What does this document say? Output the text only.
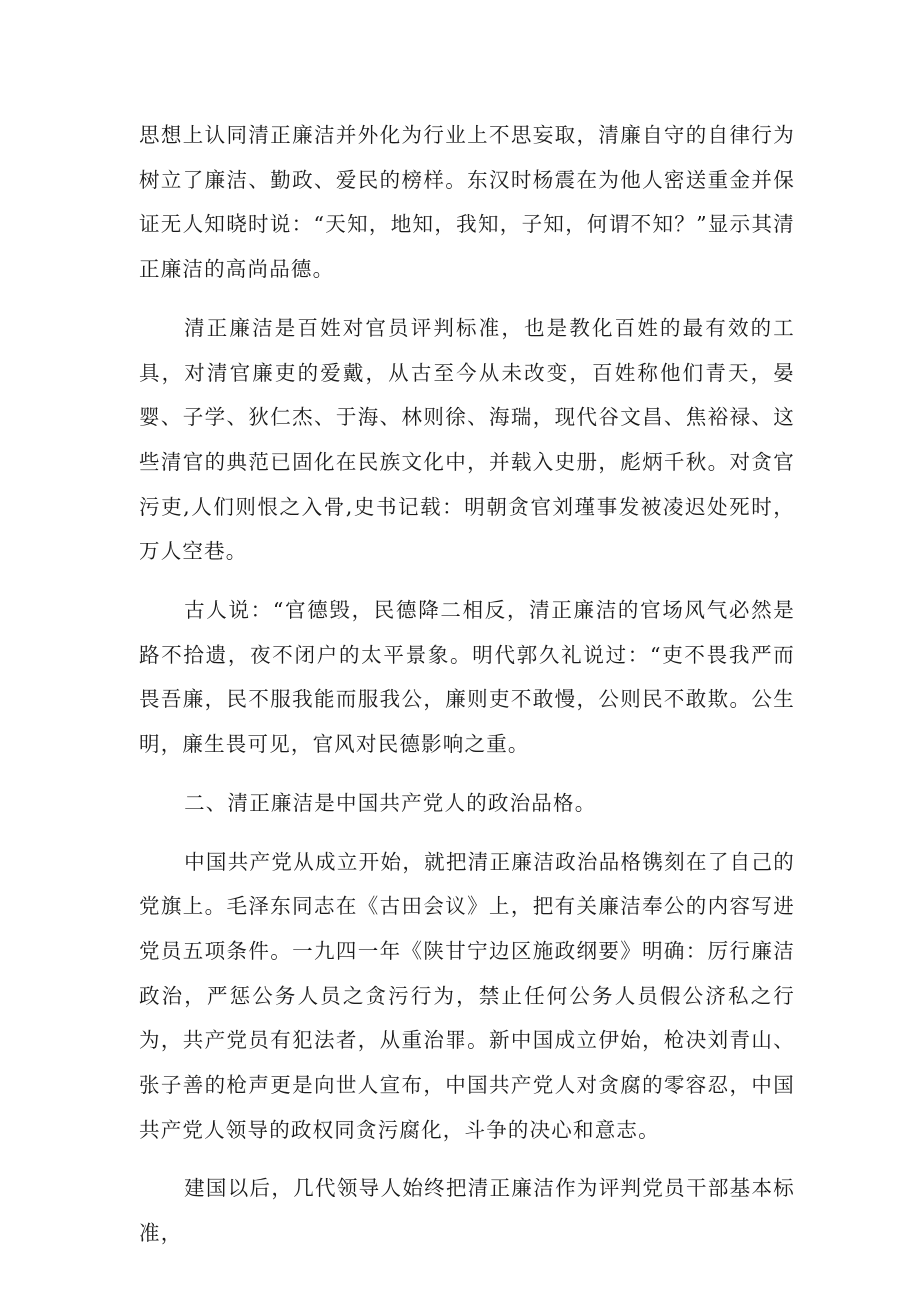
思想上认同清正廉洁并外化为行业上不思妄取，清廉自守的自律行为树立了廉洁、勤政、爱民的榜样。东汉时杨震在为他人密送重金并保证无人知晓时说：“天知，地知，我知，子知，何谓不知？”显示其清正廉洁的高尚品德。

清正廉洁是百姓对官员评判标准，也是教化百姓的最有效的工具，对清官廉吏的爱戴，从古至今从未改变，百姓称他们青天，晏婴、子学、狄仁杰、于海、林则徐、海瑞，现代谷文昌、焦裕禄、这些清官的典范已固化在民族文化中，并载入史册，彪炳千秋。对贪官污吏,人们则恨之入骨,史书记载：明朝贪官刘瑾事发被凌迟处死时，万人空巷。

古人说：“官德毁，民德降二相反，清正廉洁的官场风气必然是路不拾遗，夜不闭户的太平景象。明代郭久礼说过：“吏不畏我严而畏吾廉，民不服我能而服我公，廉则吏不敢慢，公则民不敢欺。公生明，廉生畏可见，官风对民德影响之重。

二、清正廉洁是中国共产党人的政治品格。

中国共产党从成立开始，就把清正廉洁政治品格镌刻在了自己的党旗上。毛泽东同志在《古田会议》上，把有关廉洁奉公的内容写进党员五项条件。一九四一年《陕甘宁边区施政纲要》明确：厉行廉洁政治，严惩公务人员之贪污行为，禁止任何公务人员假公济私之行为，共产党员有犯法者，从重治罪。新中国成立伊始，枪决刘青山、张子善的枪声更是向世人宣布，中国共产党人对贪腐的零容忍，中国共产党人领导的政权同贪污腐化，斗争的决心和意志。

建国以后，几代领导人始终把清正廉洁作为评判党员干部基本标准，
